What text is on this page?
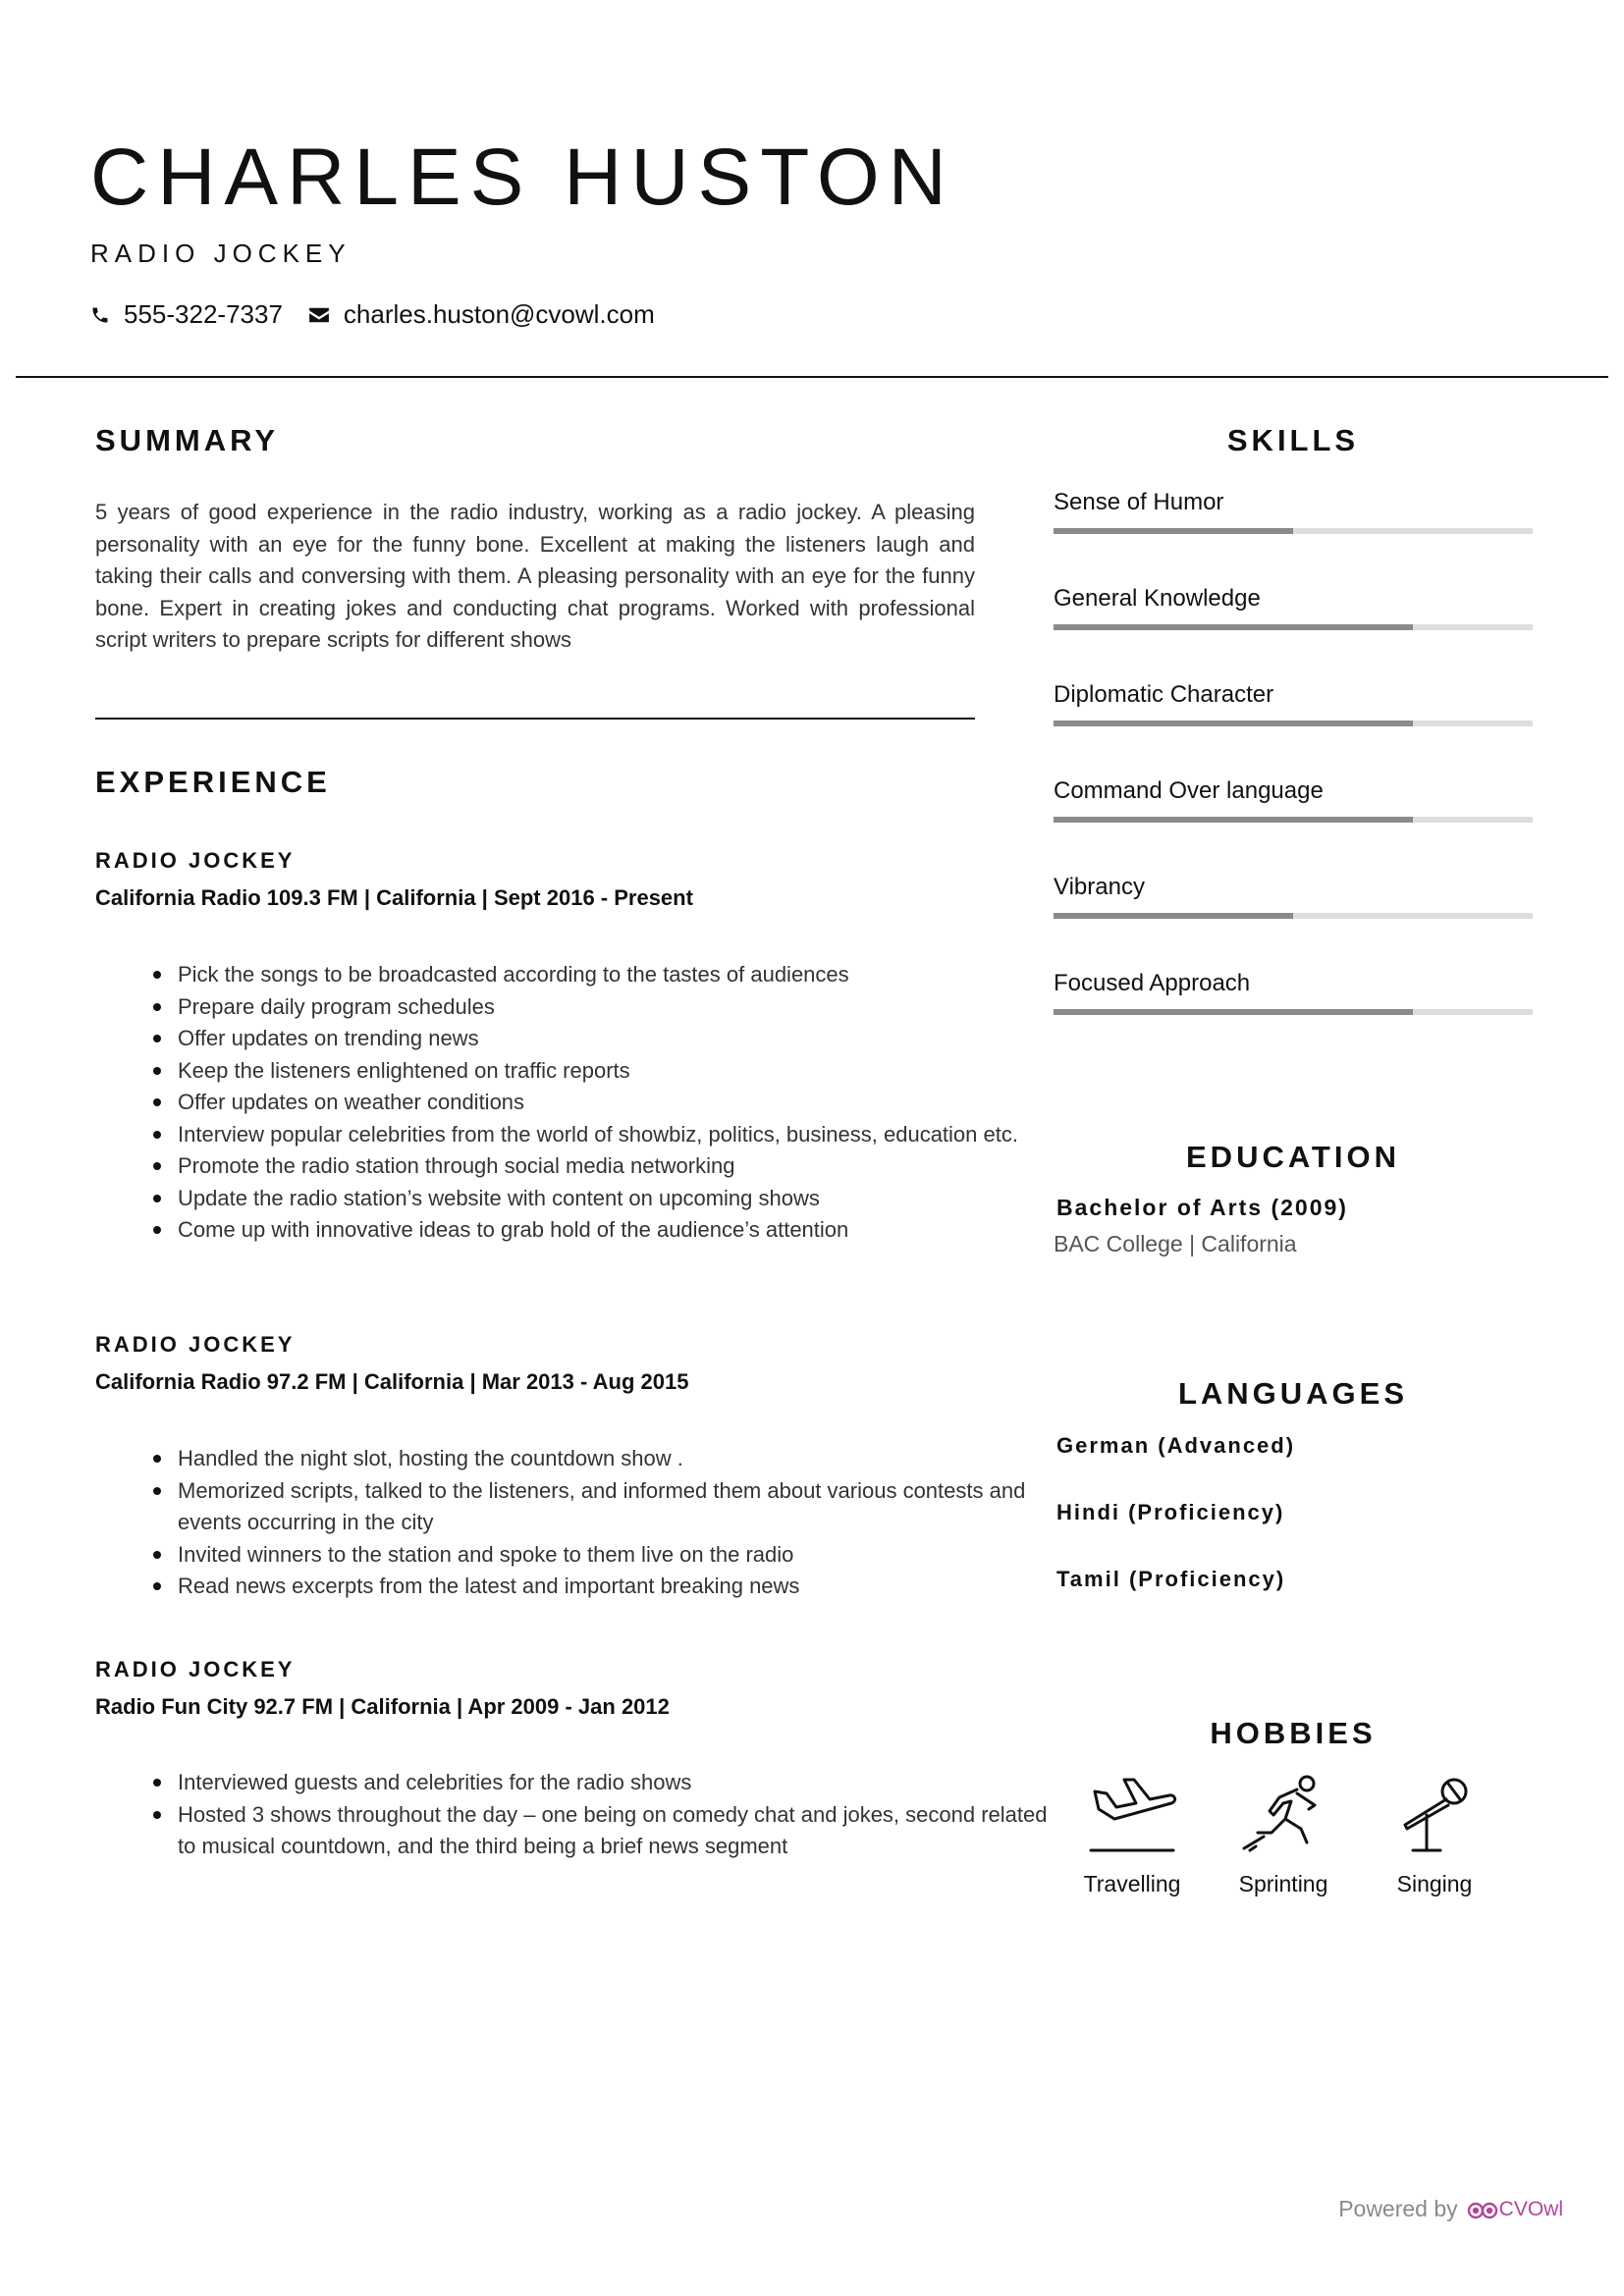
CHARLES HUSTON
RADIO JOCKEY
555-322-7337 charles.huston@cvowl.com
SUMMARY
5 years of good experience in the radio industry, working as a radio jockey. A pleasing personality with an eye for the funny bone. Excellent at making the listeners laugh and taking their calls and conversing with them. A pleasing personality with an eye for the funny bone. Expert in creating jokes and conducting chat programs. Worked with professional script writers to prepare scripts for different shows
EXPERIENCE
RADIO JOCKEY
California Radio 109.3 FM | California | Sept 2016 - Present
Pick the songs to be broadcasted according to the tastes of audiences
Prepare daily program schedules
Offer updates on trending news
Keep the listeners enlightened on traffic reports
Offer updates on weather conditions
Interview popular celebrities from the world of showbiz, politics, business, education etc.
Promote the radio station through social media networking
Update the radio station’s website with content on upcoming shows
Come up with innovative ideas to grab hold of the audience’s attention
RADIO JOCKEY
California Radio 97.2 FM | California | Mar 2013 - Aug 2015
Handled the night slot, hosting the countdown show .
Memorized scripts, talked to the listeners, and informed them about various contests and events occurring in the city
Invited winners to the station and spoke to them live on the radio
Read news excerpts from the latest and important breaking news
RADIO JOCKEY
Radio Fun City 92.7 FM | California | Apr 2009 - Jan 2012
Interviewed guests and celebrities for the radio shows
Hosted 3 shows throughout the day – one being on comedy chat and jokes, second related to musical countdown, and the third being a brief news segment
SKILLS
Sense of Humor
General Knowledge
Diplomatic Character
Command Over language
Vibrancy
Focused Approach
EDUCATION
Bachelor of Arts (2009)
BAC College | California
LANGUAGES
German (Advanced)
Hindi (Proficiency)
Tamil (Proficiency)
HOBBIES
Travelling	Sprinting	Singing
Powered by CVOwl
